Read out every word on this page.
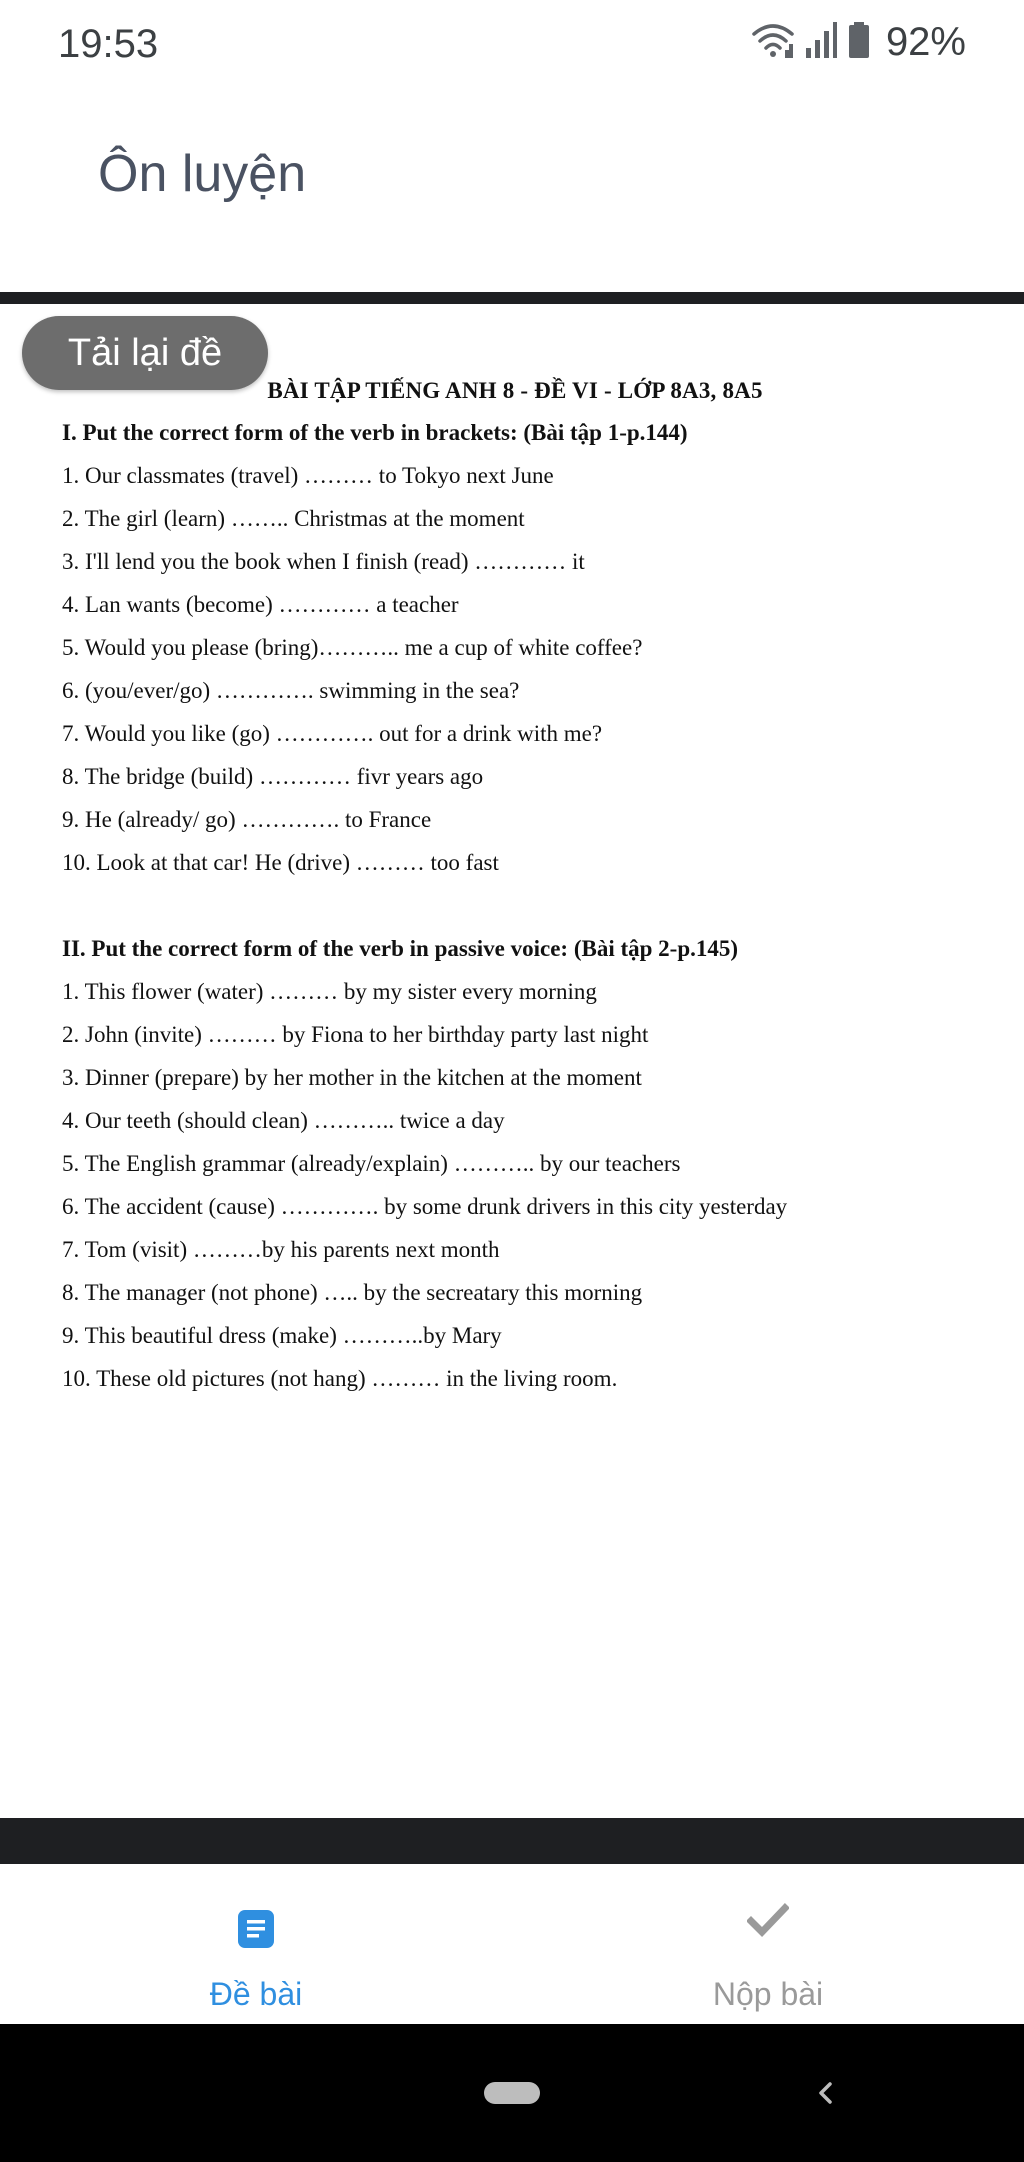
19:53	92%
Ôn luyện
Tải lại đề
BÀI TẬP TIẾNG ANH 8 - ĐỀ VI - LỚP 8A3, 8A5
I. Put the correct form of the verb in brackets: (Bài tập 1-p.144)
1. Our classmates (travel) ……… to Tokyo next June
2. The girl (learn) …….. Christmas at the moment
3. I'll lend you the book when I finish (read) ………… it
4. Lan wants (become) ………… a teacher
5. Would you please (bring)……….. me a cup of white coffee?
6. (you/ever/go) …………. swimming in the sea?
7. Would you like (go) …………. out for a drink with me?
8. The bridge (build) ………… fivr years ago
9. He (already/ go) …………. to France
10. Look at that car! He (drive) ……… too fast
II. Put the correct form of the verb in passive voice: (Bài tập 2-p.145)
1. This flower (water) ……… by my sister every morning
2. John (invite) ……… by Fiona to her birthday party last night
3. Dinner (prepare) by her mother in the kitchen at the moment
4. Our teeth (should clean) ……….. twice a day
5. The English grammar (already/explain) ……….. by our teachers
6. The accident (cause) …………. by some drunk drivers in this city yesterday
7. Tom (visit) ………by his parents next month
8. The manager (not phone) ….. by the secreatary this morning
9. This beautiful dress (make) ………..by Mary
10. These old pictures (not hang) ……… in the living room.
Đề bài	Nộp bài
